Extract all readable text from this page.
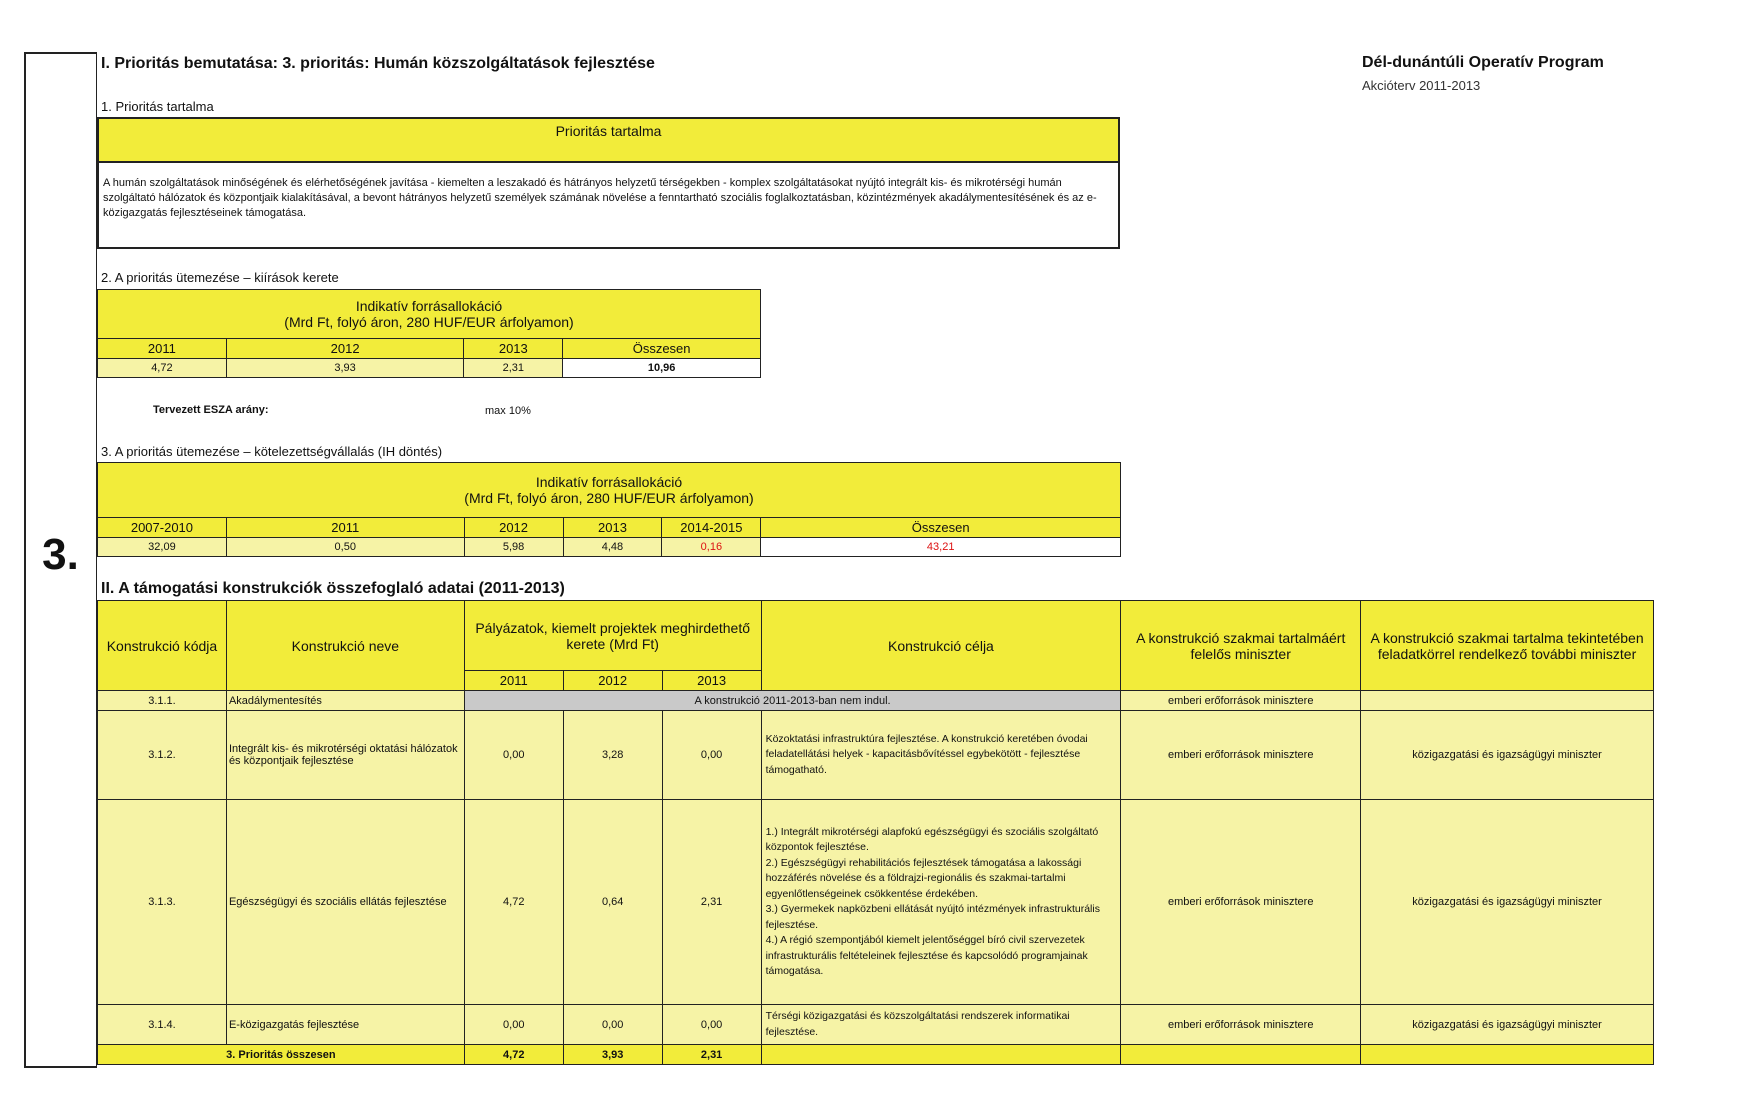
3.
I. Prioritás bemutatása: 3. prioritás: Humán közszolgáltatások fejlesztése	Dél-dunántúli Operatív Program
Akcióterv 2011-2013
1. Prioritás tartalma
Prioritás tartalma
A humán szolgáltatások minőségének és elérhetőségének javítása - kiemelten a leszakadó és hátrányos helyzetű térségekben - komplex szolgáltatásokat nyújtó integrált kis- és mikrotérségi humán szolgáltató hálózatok és központjaik kialakításával, a bevont hátrányos helyzetű személyek számának növelése a fenntartható szociális foglalkoztatásban, közintézmények akadálymentesítésének és az e-közigazgatás fejlesztéseinek támogatása.
2. A prioritás ütemezése – kiírások kerete
Indikatív forrásallokáció
(Mrd Ft, folyó áron, 280 HUF/EUR árfolyamon)			

2011	2012	2013	Összesen
4,72	3,93	2,31	10,96
Tervezett ESZA arány:	max 10%
3. A prioritás ütemezése – kötelezettségvállalás (IH döntés)
Indikatív forrásallokáció
(Mrd Ft, folyó áron, 280 HUF/EUR árfolyamon)					

2007-2010	2011	2012	2013	2014-2015	Összesen
32,09	0,50	5,98	4,48	0,16	43,21
II. A támogatási konstrukciók összefoglaló adatai (2011-2013)
Konstrukció kódja	Konstrukció neve	Pályázatok, kiemelt projektek meghirdethető kerete (Mrd Ft)			Konstrukció célja	A konstrukció szakmai tartalmáért felelős miniszter	A konstrukció szakmai tartalma tekintetében feladatkörrel rendelkező további miniszter
		2011	2012	2013			
3.1.1.	Akadálymentesítés	A konstrukció 2011-2013-ban nem indul.				emberi erőforrások minisztere	
3.1.2.	Integrált kis- és mikrotérségi oktatási hálózatok és központjaik fejlesztése	0,00	3,28	0,00	Közoktatási infrastruktúra fejlesztése. A konstrukció keretében óvodai feladatellátási helyek - kapacitásbővítéssel egybekötött - fejlesztése támogatható.	emberi erőforrások minisztere	közigazgatási és igazságügyi miniszter
3.1.3.	Egészségügyi és szociális ellátás fejlesztése	4,72	0,64	2,31	1.) Integrált mikrotérségi alapfokú egészségügyi és szociális szolgáltató központok fejlesztése.
2.) Egészségügyi rehabilitációs fejlesztések támogatása a lakossági hozzáférés növelése és a földrajzi-regionális és szakmai-tartalmi egyenlőtlenségeinek csökkentése érdekében.
3.) Gyermekek napközbeni ellátását nyújtó intézmények infrastrukturális fejlesztése.
4.) A régió szempontjából kiemelt jelentőséggel bíró civil szervezetek infrastrukturális feltételeinek fejlesztése és kapcsolódó programjainak támogatása.	emberi erőforrások minisztere	közigazgatási és igazságügyi miniszter
3.1.4.	E-közigazgatás fejlesztése	0,00	0,00	0,00	Térségi közigazgatási és közszolgáltatási rendszerek informatikai fejlesztése.	emberi erőforrások minisztere	közigazgatási és igazságügyi miniszter
3. Prioritás összesen		4,72	3,93	2,31			
